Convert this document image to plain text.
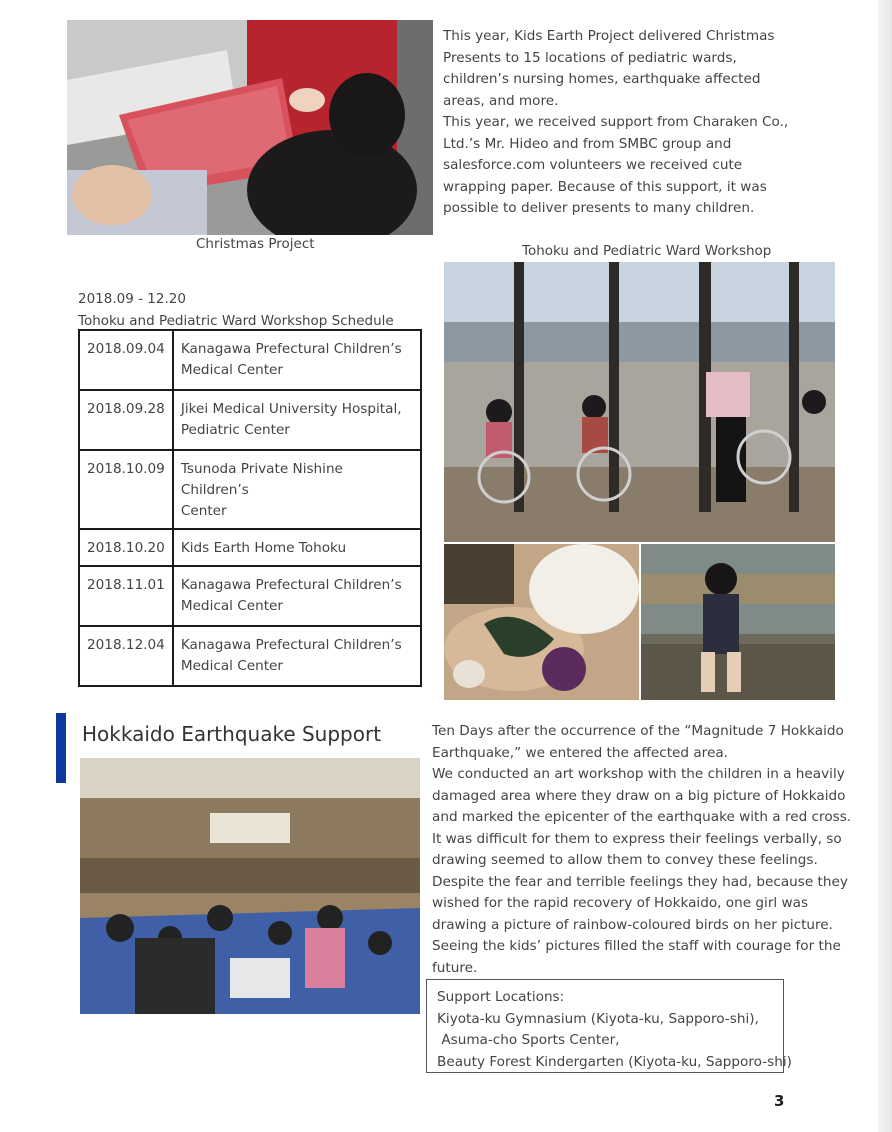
Christmas Project
This year, Kids Earth Project delivered Christmas
Presents to 15 locations of pediatric wards,
children’s nursing homes, earthquake affected
areas, and more.
This year, we received support from Charaken Co.,
Ltd.’s Mr. Hideo and from SMBC group and
salesforce.com volunteers we received cute
wrapping paper. Because of this support, it was
possible to deliver presents to many children.
Tohoku and Pediatric Ward Workshop
2018.09 - 12.20
Tohoku and Pediatric Ward Workshop Schedule
2018.09.04	Kanagawa Prefectural Children’s
Medical Center
2018.09.28	Jikei Medical University Hospital,
Pediatric Center
2018.10.09	Tsunoda Private Nishine Children’s
Center
2018.10.20	Kids Earth Home Tohoku
2018.11.01	Kanagawa Prefectural Children’s
Medical Center
2018.12.04	Kanagawa Prefectural Children’s
Medical Center
Hokkaido Earthquake Support	Ten Days after the occurrence of the “Magnitude 7 Hokkaido
Earthquake,” we entered the affected area.
We conducted an art workshop with the children in a heavily
damaged area where they draw on a big picture of Hokkaido
and marked the epicenter of the earthquake with a red cross.
It was difficult for them to express their feelings verbally, so
drawing seemed to allow them to convey these feelings.
Despite the fear and terrible feelings they had, because they
wished for the rapid recovery of Hokkaido, one girl was
drawing a picture of rainbow-coloured birds on her picture.
Seeing the kids’ pictures filled the staff with courage for the
future.
Support Locations:
Kiyota-ku Gymnasium (Kiyota-ku, Sapporo-shi),
Asuma-cho Sports Center,
Beauty Forest Kindergarten (Kiyota-ku, Sapporo-shi)
3
